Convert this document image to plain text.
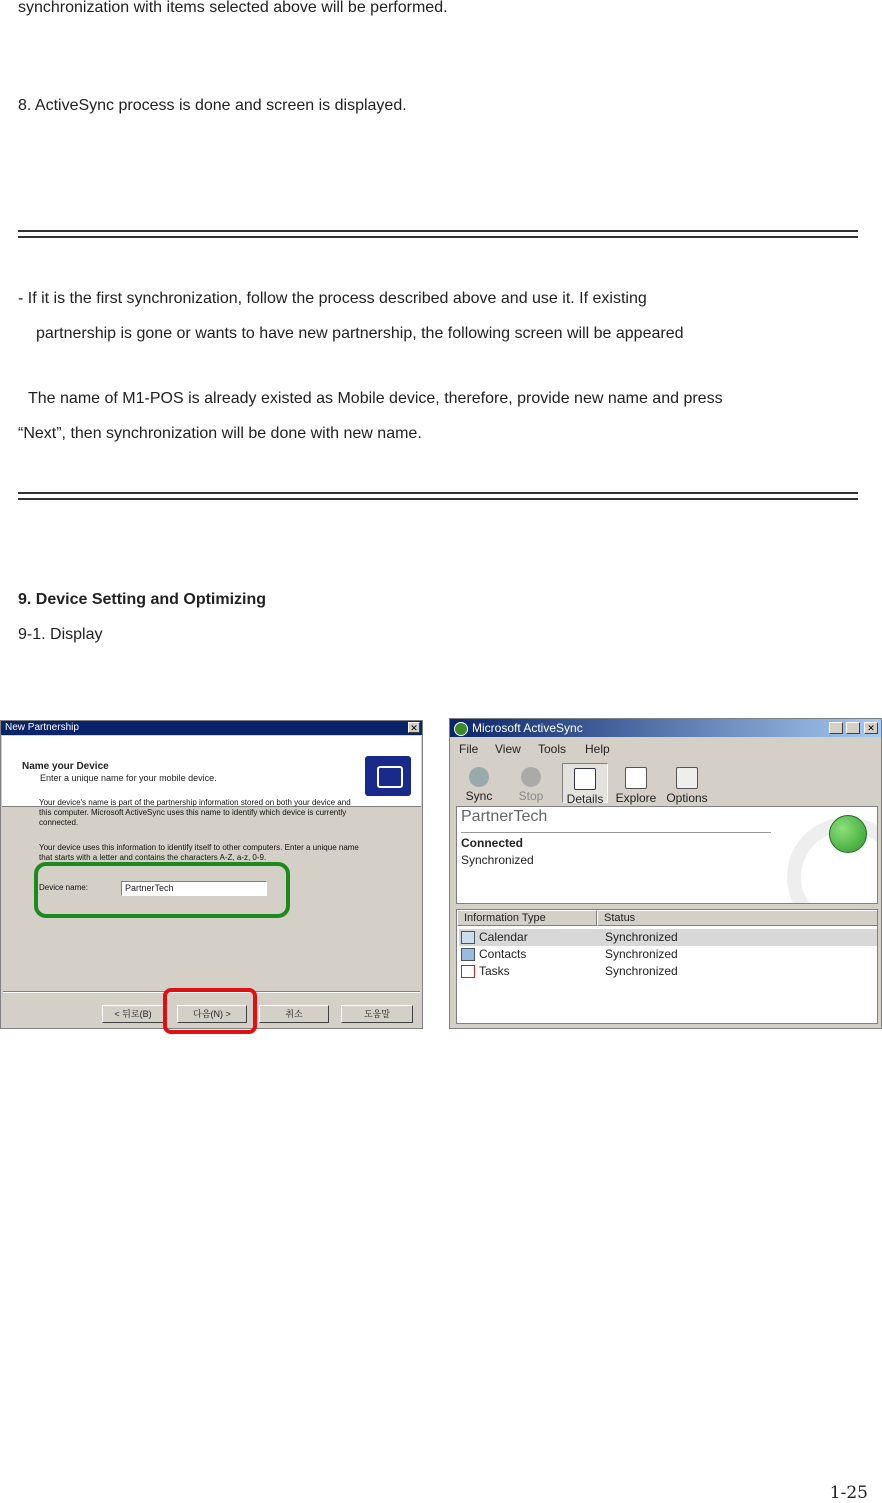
synchronization with items selected above will be performed.
8. ActiveSync process is done and screen is displayed.
- If it is the first synchronization, follow the process described above and use it. If existing
partnership is gone or wants to have new partnership, the following screen will be appeared
The name of M1-POS is already existed as Mobile device, therefore, provide new name and press
“Next”, then synchronization will be done with new name.
9. Device Setting and Optimizing
9-1. Display
New Partnership	✕
Name your Device
Enter a unique name for your mobile device.
Your device's name is part of the partnership information stored on both your device and
this computer. Microsoft ActiveSync uses this name to identify which device is currently
connected.
Your device uses this information to identify itself to other computers. Enter a unique name
that starts with a letter and contains the characters A-Z, a-z, 0-9.
Device name:	PartnerTech
< 뒤로(B)	다음(N) >	취소	도움말
Microsoft ActiveSync	✕
File View Tools Help
Sync	Stop	Details	Explore Options
PartnerTech
Connected
Synchronized
Information Type	Status
Calendar	Synchronized
Contacts	Synchronized
Tasks	Synchronized
1-25
